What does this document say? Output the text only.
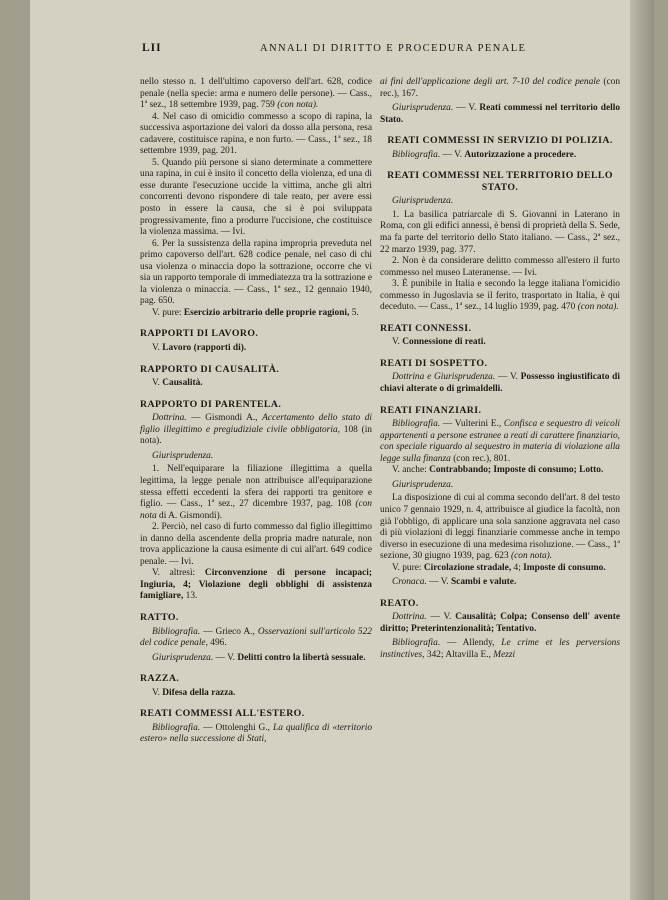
LII	ANNALI DI DIRITTO E PROCEDURA PENALE

nello stesso n. 1 dell'ultimo capoverso dell'art. 628, codice penale (nella specie: arma e numero delle persone). — Cass., 1ª sez., 18 settembre 1939, pag. 759 (con nota).

4. Nel caso di omicidio commesso a scopo di rapina, la successiva asportazione dei valori da dosso alla persona, resa cadavere, costituisce rapina, e non furto. — Cass., 1ª sez., 18 settembre 1939, pag. 201.

5. Quando più persone si siano determinate a commettere una rapina, in cui è insito il concetto della violenza, ed una di esse durante l'esecuzione uccide la vittima, anche gli altri concorrenti devono rispondere di tale reato, per avere essi posto in essere la causa, che si è poi sviluppata progressivamente, fino a produrre l'uccisione, che costituisce la violenza massima. — Ivi.

6. Per la sussistenza della rapina impropria preveduta nel primo capoverso dell'art. 628 codice penale, nel caso di chi usa violenza o minaccia dopo la sottrazione, occorre che vi sia un rapporto temporale di immediatezza tra la sottrazione e la violenza o minaccia. — Cass., 1ª sez., 12 gennaio 1940, pag. 650.

V. pure: Esercizio arbitrario delle proprie ragioni, 5.

RAPPORTI DI LAVORO.

V. Lavoro (rapporti di).

RAPPORTO DI CAUSALITÀ.

V. Causalità.

RAPPORTO DI PARENTELA.

Dottrina. — Gismondi A., Accertamento dello stato di figlio illegittimo e pregiudiziale civile obbligatoria, 108 (in nota).

Giurisprudenza.

1. Nell'equiparare la filiazione illegittima a quella legittima, la legge penale non attribuisce all'equiparazione stessa effetti eccedenti la sfera dei rapporti tra genitore e figlio. — Cass., 1ª sez., 27 dicembre 1937, pag. 108 (con nota di A. Gismondi).

2. Perciò, nel caso di furto commesso dal figlio illegittimo in danno della ascendente della propria madre naturale, non trova applicazione la causa esimente di cui all'art. 649 codice penale. — Ivi.

V. altresì: Circonvenzione di persone incapaci; Ingiuria, 4; Violazione degli obblighi di assistenza famigliare, 13.

RATTO.

Bibliografia. — Grieco A., Osservazioni sull'articolo 522 del codice penale, 496.

Giurisprudenza. — V. Delitti contro la libertà sessuale.

RAZZA.

V. Difesa della razza.

REATI COMMESSI ALL'ESTERO.

Bibliografia. — Ottolenghi G., La qualifica di «territorio estero» nella successione di Stati,

ai fini dell'applicazione degli art. 7-10 del codice penale (con rec.), 167.

Giurisprudenza. — V. Reati commessi nel territorio dello Stato.

REATI COMMESSI IN SERVIZIO DI POLIZIA.

Bibliografia. — V. Autorizzazione a procedere.

REATI COMMESSI NEL TERRITORIO DELLO STATO.

Giurisprudenza.

1. La basilica patriarcale di S. Giovanni in Laterano in Roma, con gli edifici annessi, è bensì di proprietà della S. Sede, ma fa parte del territorio dello Stato italiano. — Cass., 2ª sez., 22 marzo 1939, pag. 377.

2. Non è da considerare delitto commesso all'estero il furto commesso nel museo Lateranense. — Ivi.

3. È punibile in Italia e secondo la legge italiana l'omicidio commesso in Jugoslavia se il ferito, trasportato in Italia, è qui deceduto. — Cass., 1ª sez., 14 luglio 1939, pag. 470 (con nota).

REATI CONNESSI.

V. Connessione di reati.

REATI DI SOSPETTO.

Dottrina e Giurisprudenza. — V. Possesso ingiustificato di chiavi alterate o di grimaldelli.

REATI FINANZIARI.

Bibliografia. — Vulterini E., Confisca e sequestro di veicoli appartenenti a persone estranee a reati di carattere finanziario, con speciale riguardo al sequestro in materia di violazione alla legge sulla finanza (con rec.), 801.

V. anche: Contrabbando; Imposte di consumo; Lotto.

Giurisprudenza.

La disposizione di cui al comma secondo dell'art. 8 del testo unico 7 gennaio 1929, n. 4, attribuisce al giudice la facoltà, non già l'obbligo, di applicare una sola sanzione aggravata nel caso di più violazioni di leggi finanziarie commesse anche in tempo diverso in esecuzione di una medesima risoluzione. — Cass., 1ª sezione, 30 giugno 1939, pag. 623 (con nota).

V. pure: Circolazione stradale, 4; Imposte di consumo.

Cronaca. — V. Scambi e valute.

REATO.

Dottrina. — V. Causalità; Colpa; Consenso dell' avente diritto; Preterintenzionalità; Tentativo.

Bibliografia. — Allendy, Le crime et les perversions instinctives, 342; Altavilla E., Mezzi
